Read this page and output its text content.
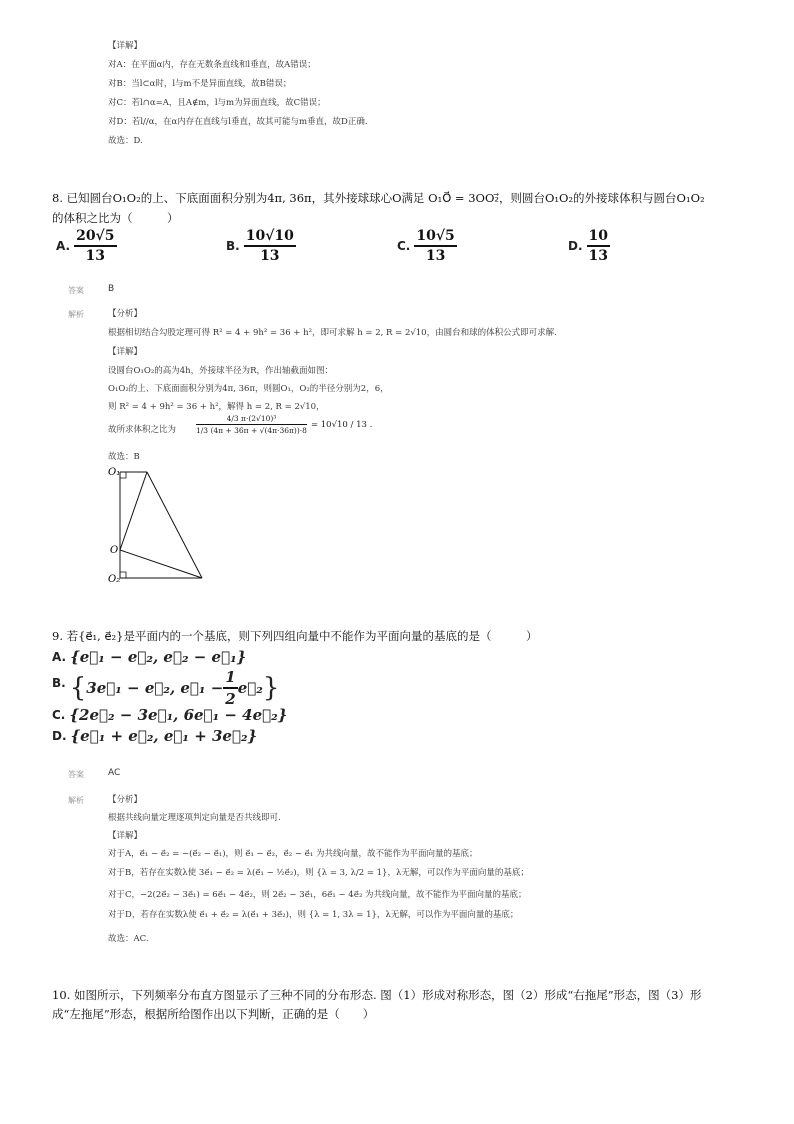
【详解】
对A：在平面α内，存在无数条直线和l垂直，故A错误；
对B：当l⊂α时，l与m不是异面直线，故B错误；
对C：若l∩α=A，且A∉m，l与m为异面直线，故C错误；
对D：若l//α，在α内存在直线与l垂直，故其可能与m垂直，故D正确.
故选：D.
8. 已知圆台O₁O₂的上、下底面面积分别为4π, 36π，其外接球球心O满足 O₁O⃗ = 3OO₂⃗，则圆台O₁O₂的外接球体积与圆台O₁O₂
的体积之比为（　　　）
A. $\frac{20√5}{13}$	B. $\frac{10√10}{13}$	C. $\frac{10√5}{13}$	D. $\frac{10}{13}$
答案	B
解析	【分析】
根据相切结合勾股定理可得 R² = 4 + 9h² = 36 + h²，即可求解 h = 2, R = 2√10，由圆台和球的体积公式即可求解.
【详解】
设圆台O₁O₂的高为4h，外接球半径为R，作出轴截面如图：
O₁O₂的上、下底面面积分别为4π, 36π，则圆O₁，O₂的半径分别为2，6，
则 R² = 4 + 9h² = 36 + h²，解得 h = 2, R = 2√10，
故所求体积之比为	$\frac{\text{4/3 π·(2√10)³}}{1/3 (4\pi + 36\pi + √(4\pi\cdot 36\pi))\cdot 8} = 10√10 / 13$ .
故选：B
O₁
O
O₂
9. 若{e⃗₁, e⃗₂}是平面内的一个基底，则下列四组向量中不能作为平面向量的基底的是（　　　）
A. {e⃗₁ − e⃗₂, e⃗₂ − e⃗₁}
B. { 3e⃗₁ − e⃗₂, e⃗₁ − $\frac{1}{2}$ e⃗₂ }
C. {2e⃗₂ − 3e⃗₁, 6e⃗₁ − 4e⃗₂}
D. {e⃗₁ + e⃗₂, e⃗₁ + 3e⃗₂}
答案	AC
解析	【分析】
根据共线向量定理逐项判定向量是否共线即可.
【详解】
对于A，e⃗₁ − e⃗₂ = −(e⃗₂ − e⃗₁)，则 e⃗₁ − e⃗₂，e⃗₂ − e⃗₁ 为共线向量，故不能作为平面向量的基底；
对于B，若存在实数λ使 3e⃗₁ − e⃗₂ = λ(e⃗₁ − ½e⃗₂)，则 {λ = 3, λ/2 = 1}，λ无解，可以作为平面向量的基底；
对于C，−2(2e⃗₂ − 3e⃗₁) = 6e⃗₁ − 4e⃗₂，则 2e⃗₂ − 3e⃗₁，6e⃗₁ − 4e⃗₂ 为共线向量，故不能作为平面向量的基底；
对于D，若存在实数λ使 e⃗₁ + e⃗₂ = λ(e⃗₁ + 3e⃗₂)，则 {λ = 1, 3λ = 1}，λ无解，可以作为平面向量的基底；
故选：AC.
10. 如图所示，下列频率分布直方图显示了三种不同的分布形态. 图（1）形成对称形态，图（2）形成“右拖尾”形态，图（3）形
成“左拖尾”形态，根据所给图作出以下判断，正确的是（　　）
